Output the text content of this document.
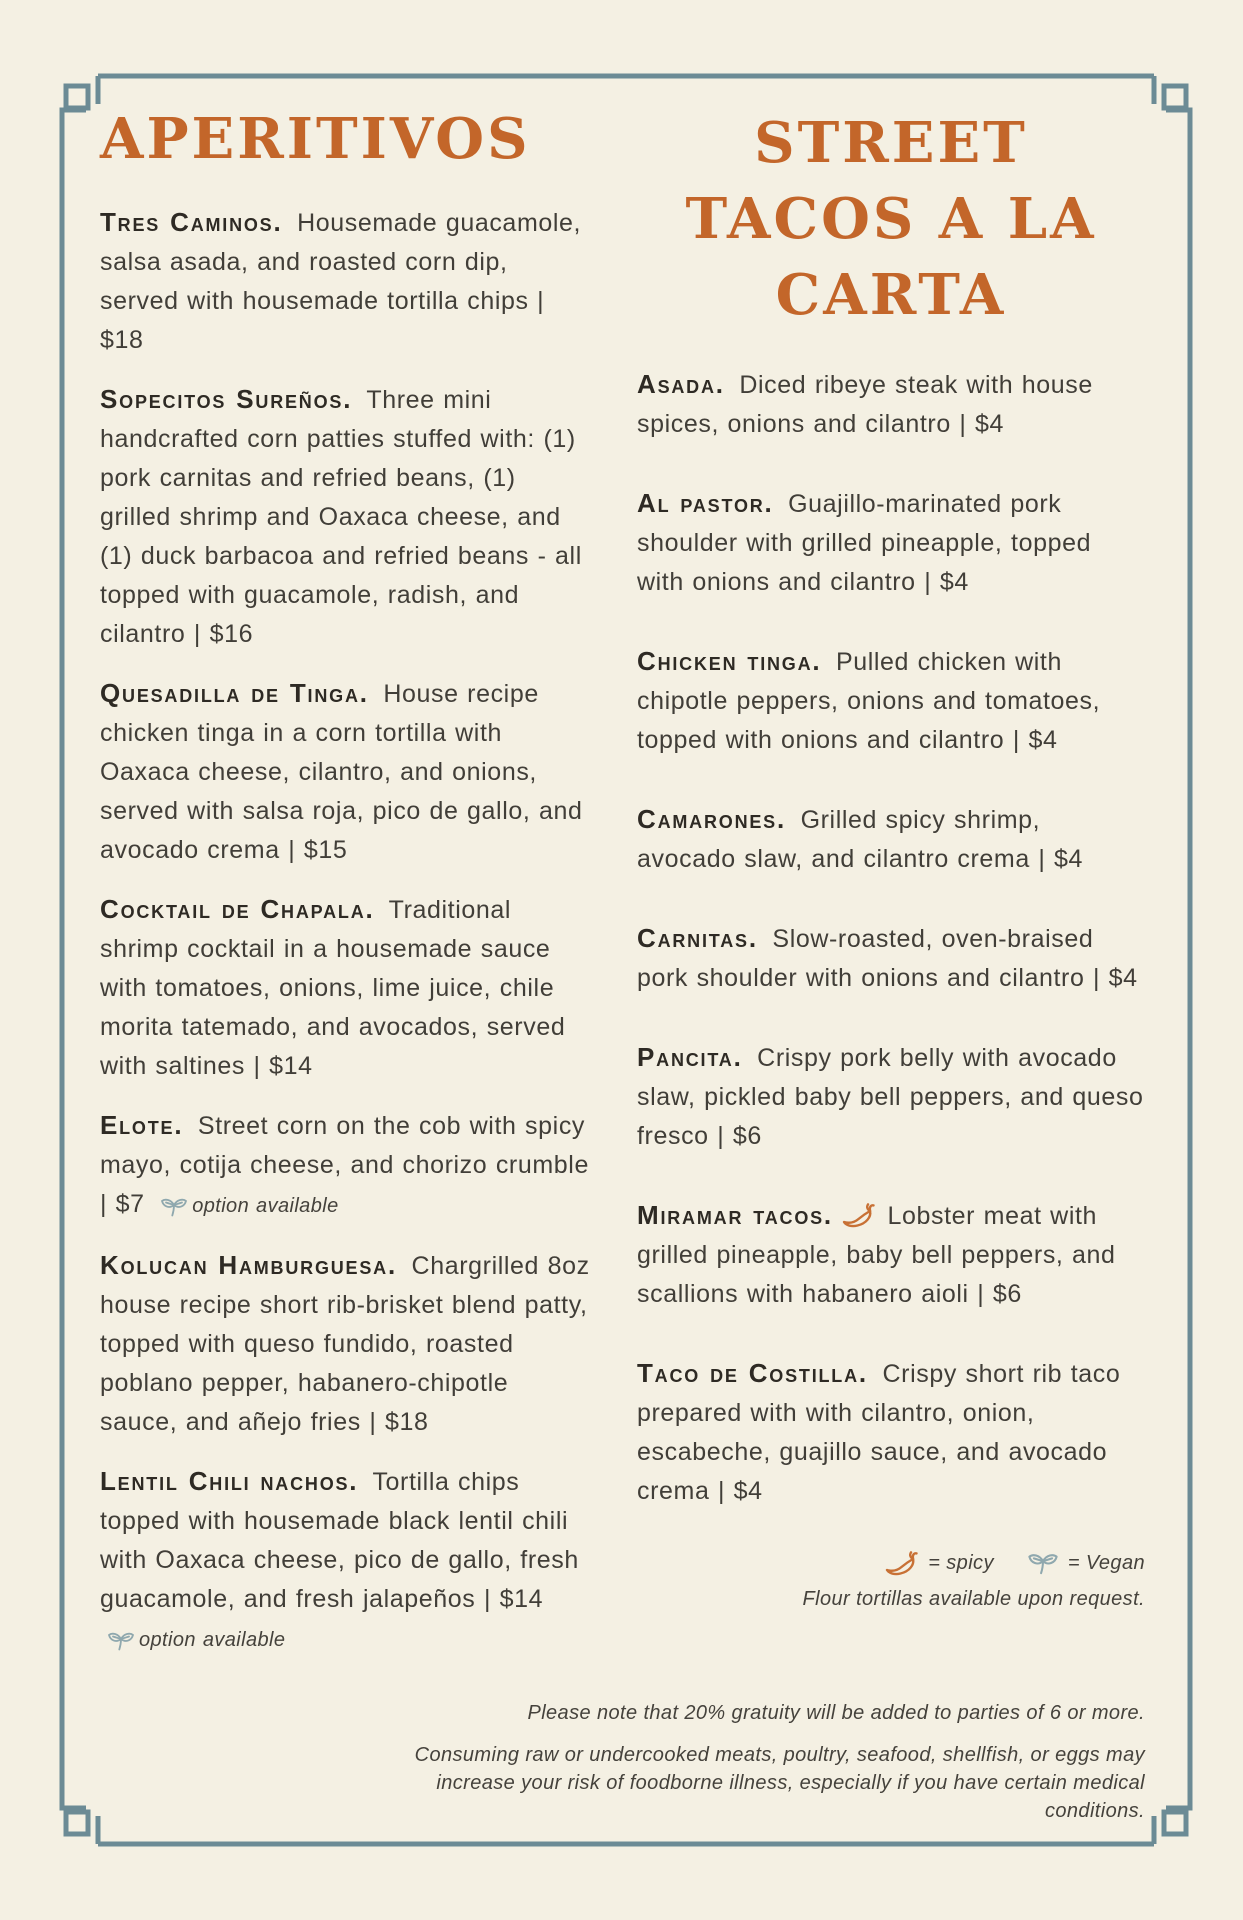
APERITIVOS

Tres Caminos. Housemade guacamole, salsa asada, and roasted corn dip, served with housemade tortilla chips | $18

Sopecitos Sureños. Three mini handcrafted corn patties stuffed with: (1) pork carnitas and refried beans, (1) grilled shrimp and Oaxaca cheese, and (1) duck barbacoa and refried beans - all topped with guacamole, radish, and cilantro | $16

Quesadilla de Tinga. House recipe chicken tinga in a corn tortilla with Oaxaca cheese, cilantro, and onions, served with salsa roja, pico de gallo, and avocado crema | $15

Cocktail de Chapala. Traditional shrimp cocktail in a housemade sauce with tomatoes, onions, lime juice, chile morita tatemado, and avocados, served with saltines | $14

Elote. Street corn on the cob with spicy mayo, cotija cheese, and chorizo crumble | $7 option available

Kolucan Hamburguesa. Chargrilled 8oz house recipe short rib-brisket blend patty, topped with queso fundido, roasted poblano pepper, habanero-chipotle sauce, and añejo fries | $18

Lentil Chili nachos. Tortilla chips topped with housemade black lentil chili with Oaxaca cheese, pico de gallo, fresh guacamole, and fresh jalapeños | $14 option available

STREET TACOS A LA CARTA

Asada. Diced ribeye steak with house spices, onions and cilantro | $4

Al pastor. Guajillo-marinated pork shoulder with grilled pineapple, topped with onions and cilantro | $4

Chicken tinga. Pulled chicken with chipotle peppers, onions and tomatoes, topped with onions and cilantro | $4

Camarones. Grilled spicy shrimp, avocado slaw, and cilantro crema | $4

Carnitas. Slow-roasted, oven-braised pork shoulder with onions and cilantro | $4

Pancita. Crispy pork belly with avocado slaw, pickled baby bell peppers, and queso fresco | $6

Miramar tacos. Lobster meat with grilled pineapple, baby bell peppers, and scallions with habanero aioli | $6

Taco de Costilla. Crispy short rib taco prepared with with cilantro, onion, escabeche, guajillo sauce, and avocado crema | $4

= spicy	= Vegan
Flour tortillas available upon request.
Please note that 20% gratuity will be added to parties of 6 or more.
Consuming raw or undercooked meats, poultry, seafood, shellfish, or eggs may increase your risk of foodborne illness, especially if you have certain medical conditions.
